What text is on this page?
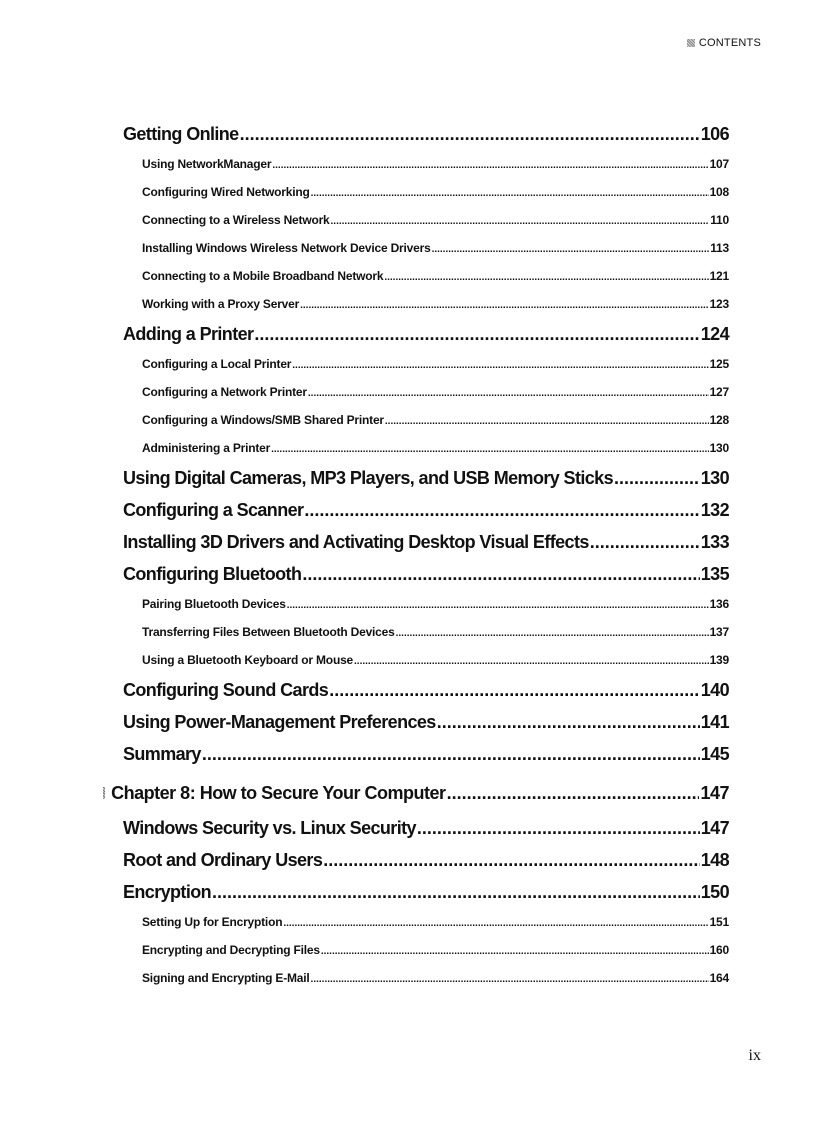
CONTENTS
Getting Online .....	106
Using NetworkManager .....	107
Configuring Wired Networking .....	108
Connecting to a Wireless Network .....	110
Installing Windows Wireless Network Device Drivers .....	113
Connecting to a Mobile Broadband Network .....	121
Working with a Proxy Server .....	123
Adding a Printer .....	124
Configuring a Local Printer .....	125
Configuring a Network Printer .....	127
Configuring a Windows/SMB Shared Printer .....	128
Administering a Printer .....	130
Using Digital Cameras, MP3 Players, and USB Memory Sticks .....	130
Configuring a Scanner .....	132
Installing 3D Drivers and Activating Desktop Visual Effects .....	133
Configuring Bluetooth .....	135
Pairing Bluetooth Devices .....	136
Transferring Files Between Bluetooth Devices .....	137
Using a Bluetooth Keyboard or Mouse .....	139
Configuring Sound Cards .....	140
Using Power-Management Preferences .....	141
Summary .....	145
Chapter 8: How to Secure Your Computer .....	147
Windows Security vs. Linux Security .....	147
Root and Ordinary Users .....	148
Encryption .....	150
Setting Up for Encryption .....	151
Encrypting and Decrypting Files .....	160
Signing and Encrypting E-Mail .....	164
ix
